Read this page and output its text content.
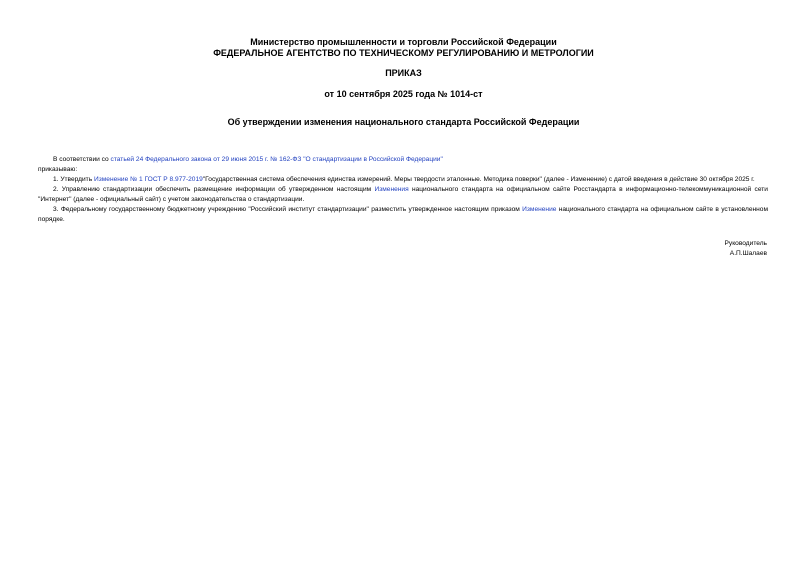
Министерство промышленности и торговли Российской Федерации
ФЕДЕРАЛЬНОЕ АГЕНТСТВО ПО ТЕХНИЧЕСКОМУ РЕГУЛИРОВАНИЮ И МЕТРОЛОГИИ
ПРИКАЗ
от 10 сентября 2025 года № 1014-ст
Об утверждении изменения национального стандарта Российской Федерации

В соответствии со статьей 24 Федерального закона от 29 июня 2015 г. № 162-ФЗ "О стандартизации в Российской Федерации"

приказываю:

1. Утвердить Изменение № 1 ГОСТ Р 8.977-2019"Государственная система обеспечения единства измерений. Меры твердости эталонные. Методика поверки" (далее - Изменение) с датой введения в действие 30 октября 2025 г.

2. Управлению стандартизации обеспечить размещение информации об утвержденном настоящим Изменения национального стандарта на официальном сайте Росстандарта в информационно-телекоммуникационной сети "Интернет" (далее - официальный сайт) с учетом законодательства о стандартизации.

3. Федеральному государственному бюджетному учреждению "Российский институт стандартизации" разместить утвержденное настоящим приказом Изменение национального стандарта на официальном сайте в установленном порядке.

Руководитель
А.П.Шалаев
